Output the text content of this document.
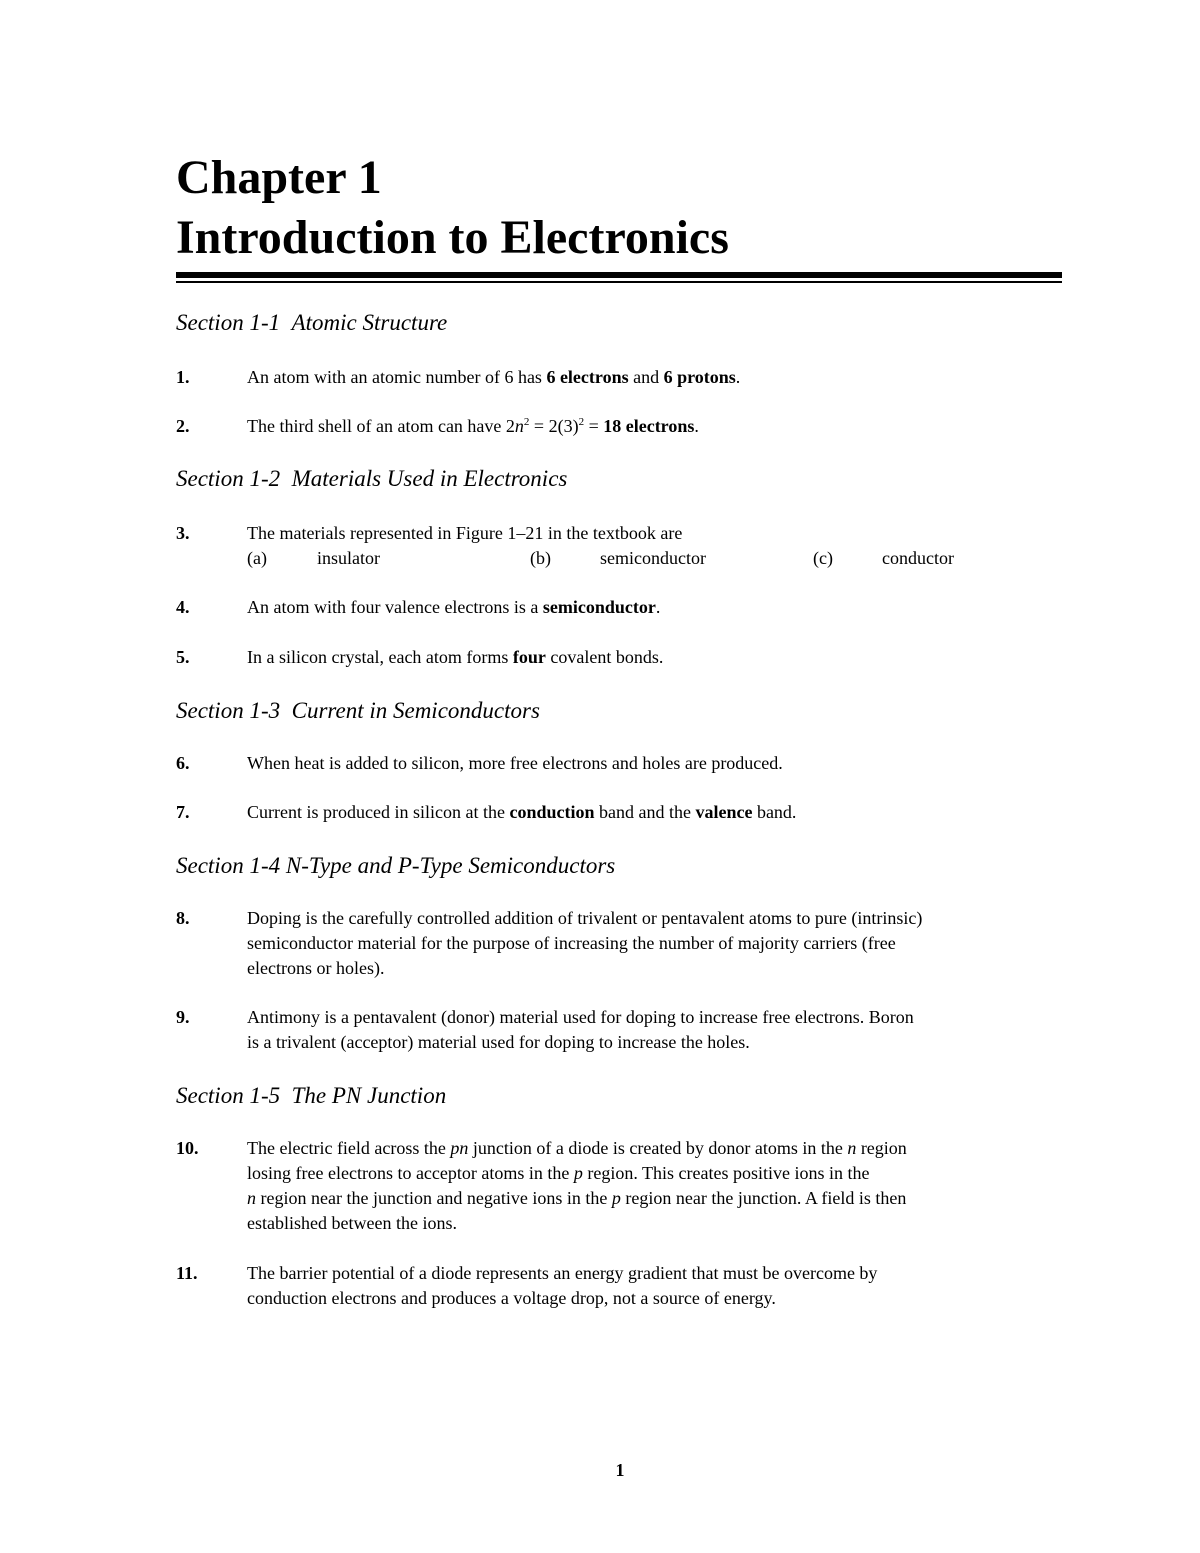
Chapter 1
Introduction to Electronics
Section 1-1 Atomic Structure
1.	An atom with an atomic number of 6 has 6 electrons and 6 protons.
2.	The third shell of an atom can have $2n^2 = 2(3)^2 = 18$ electrons.
Section 1-2 Materials Used in Electronics
3.	The materials represented in Figure 1–21 in the textbook are
(a)	insulator	(b)	semiconductor	(c)	conductor
4.	An atom with four valence electrons is a semiconductor.
5.	In a silicon crystal, each atom forms four covalent bonds.
Section 1-3 Current in Semiconductors
6.	When heat is added to silicon, more free electrons and holes are produced.
7.	Current is produced in silicon at the conduction band and the valence band.
Section 1-4 N-Type and P-Type Semiconductors
8.	Doping is the carefully controlled addition of trivalent or pentavalent atoms to pure (intrinsic)
semiconductor material for the purpose of increasing the number of majority carriers (free
electrons or holes).
9.	Antimony is a pentavalent (donor) material used for doping to increase free electrons. Boron
is a trivalent (acceptor) material used for doping to increase the holes.
Section 1-5 The PN Junction
10.	The electric field across the pn junction of a diode is created by donor atoms in the n region
losing free electrons to acceptor atoms in the p region. This creates positive ions in the
n region near the junction and negative ions in the p region near the junction. A field is then
established between the ions.
11.	The barrier potential of a diode represents an energy gradient that must be overcome by
conduction electrons and produces a voltage drop, not a source of energy.
1
